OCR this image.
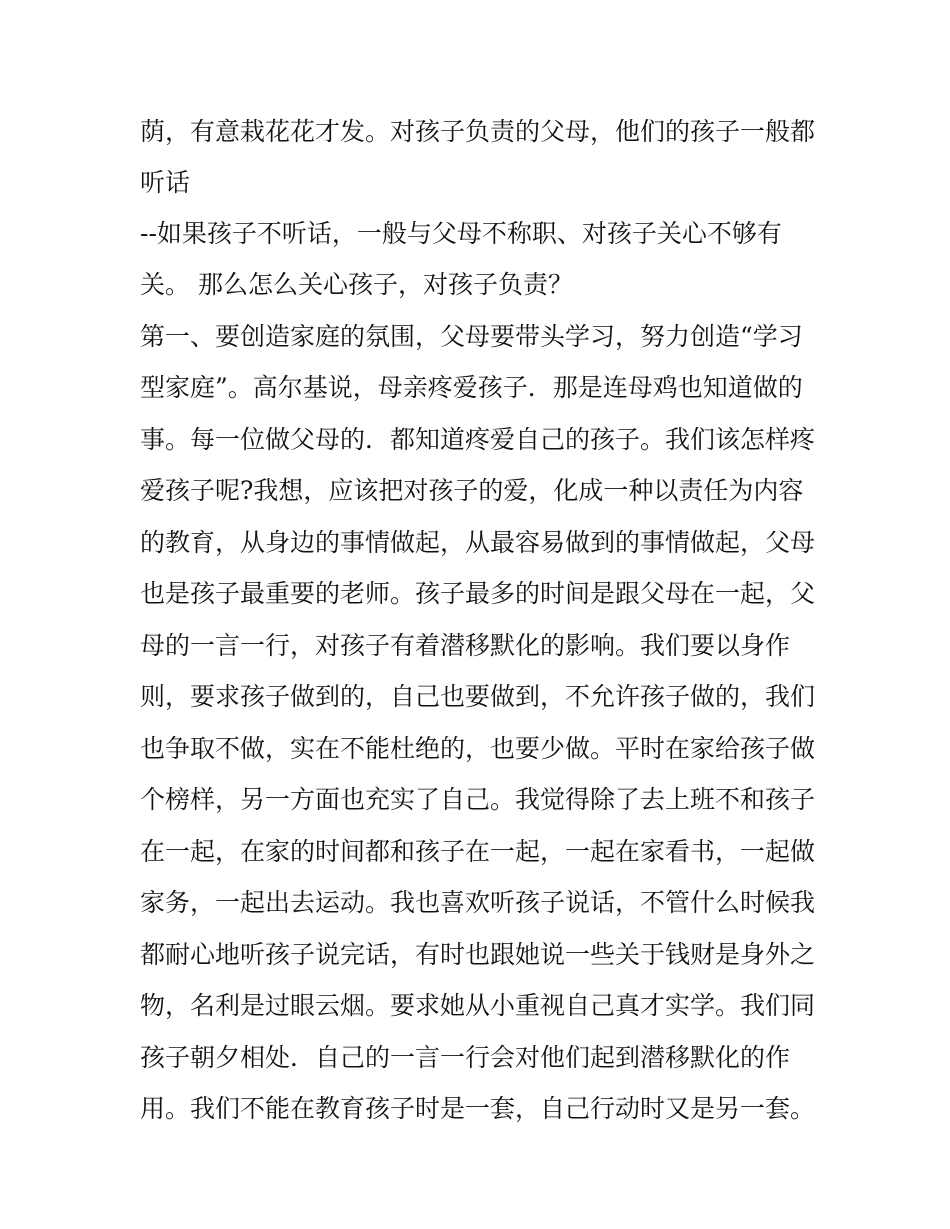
荫，有意栽花花才发。对孩子负责的父母，他们的孩子一般都

听话

--如果孩子不听话，一般与父母不称职、对孩子关心不够有

关。 那么怎么关心孩子，对孩子负责？

第一、要创造家庭的氛围，父母要带头学习，努力创造“学习

型家庭”。高尔基说，母亲疼爱孩子．那是连母鸡也知道做的

事。每一位做父母的．都知道疼爱自己的孩子。我们该怎样疼

爱孩子呢?我想，应该把对孩子的爱，化成一种以责任为内容

的教育，从身边的事情做起，从最容易做到的事情做起，父母

也是孩子最重要的老师。孩子最多的时间是跟父母在一起，父

母的一言一行，对孩子有着潜移默化的影响。我们要以身作

则，要求孩子做到的，自己也要做到，不允许孩子做的，我们

也争取不做，实在不能杜绝的，也要少做。平时在家给孩子做

个榜样，另一方面也充实了自己。我觉得除了去上班不和孩子

在一起，在家的时间都和孩子在一起，一起在家看书，一起做

家务，一起出去运动。我也喜欢听孩子说话，不管什么时候我

都耐心地听孩子说完话，有时也跟她说一些关于钱财是身外之

物，名利是过眼云烟。要求她从小重视自己真才实学。我们同

孩子朝夕相处．自己的一言一行会对他们起到潜移默化的作

用。我们不能在教育孩子时是一套，自己行动时又是另一套。
